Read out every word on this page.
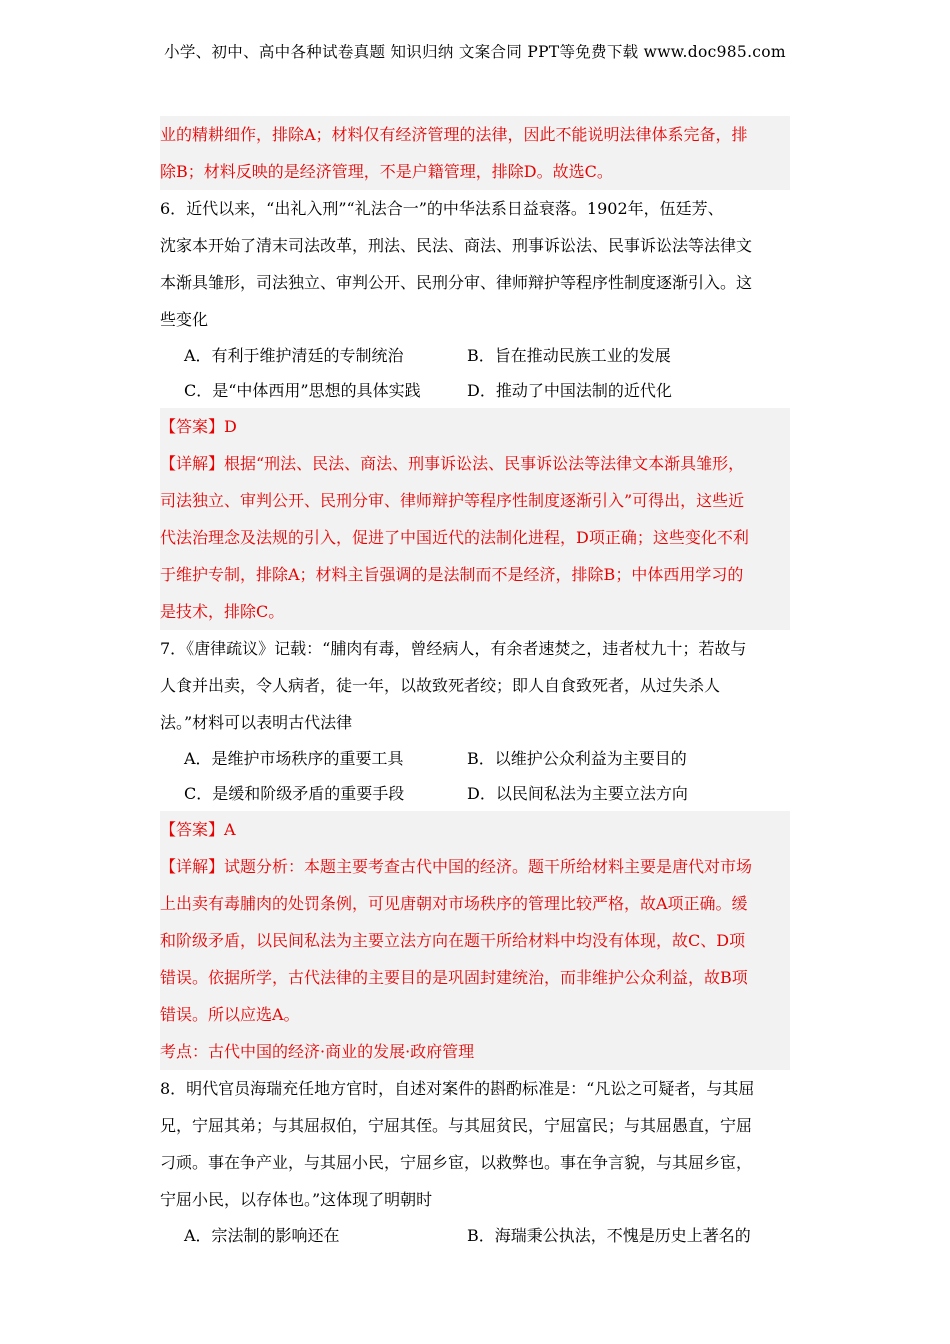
小学、初中、高中各种试卷真题 知识归纳 文案合同 PPT等免费下载 www.doc985.com
业的精耕细作，排除A；材料仅有经济管理的法律，因此不能说明法律体系完备，排
除B；材料反映的是经济管理，不是户籍管理，排除D。故选C。
6．近代以来，“出礼入刑”“礼法合一”的中华法系日益衰落。1902年，伍廷芳、
沈家本开始了清末司法改革，刑法、民法、商法、刑事诉讼法、民事诉讼法等法律文
本渐具雏形，司法独立、审判公开、民刑分审、律师辩护等程序性制度逐渐引入。这
些变化
A．有利于维护清廷的专制统治	B．旨在推动民族工业的发展
C．是“中体西用”思想的具体实践	D．推动了中国法制的近代化
【答案】D
【详解】根据“刑法、民法、商法、刑事诉讼法、民事诉讼法等法律文本渐具雏形，
司法独立、审判公开、民刑分审、律师辩护等程序性制度逐渐引入”可得出，这些近
代法治理念及法规的引入，促进了中国近代的法制化进程，D项正确；这些变化不利
于维护专制，排除A；材料主旨强调的是法制而不是经济，排除B；中体西用学习的
是技术，排除C。
7．《唐律疏议》记载：“脯肉有毒，曾经病人，有余者速焚之，违者杖九十；若故与
人食并出卖，令人病者，徒一年，以故致死者绞；即人自食致死者，从过失杀人
法。”材料可以表明古代法律
A．是维护市场秩序的重要工具	B．以维护公众利益为主要目的
C．是缓和阶级矛盾的重要手段	D．以民间私法为主要立法方向
【答案】A
【详解】试题分析：本题主要考查古代中国的经济。题干所给材料主要是唐代对市场
上出卖有毒脯肉的处罚条例，可见唐朝对市场秩序的管理比较严格，故A项正确。缓
和阶级矛盾，以民间私法为主要立法方向在题干所给材料中均没有体现，故C、D项
错误。依据所学，古代法律的主要目的是巩固封建统治，而非维护公众利益，故B项
错误。所以应选A。
考点：古代中国的经济·商业的发展·政府管理
8．明代官员海瑞充任地方官时，自述对案件的斟酌标准是：“凡讼之可疑者，与其屈
兄，宁屈其弟；与其屈叔伯，宁屈其侄。与其屈贫民，宁屈富民；与其屈愚直，宁屈
刁顽。事在争产业，与其屈小民，宁屈乡宦，以救弊也。事在争言貌，与其屈乡宦，
宁屈小民，以存体也。”这体现了明朝时
A．宗法制的影响还在	B．海瑞秉公执法，不愧是历史上著名的
